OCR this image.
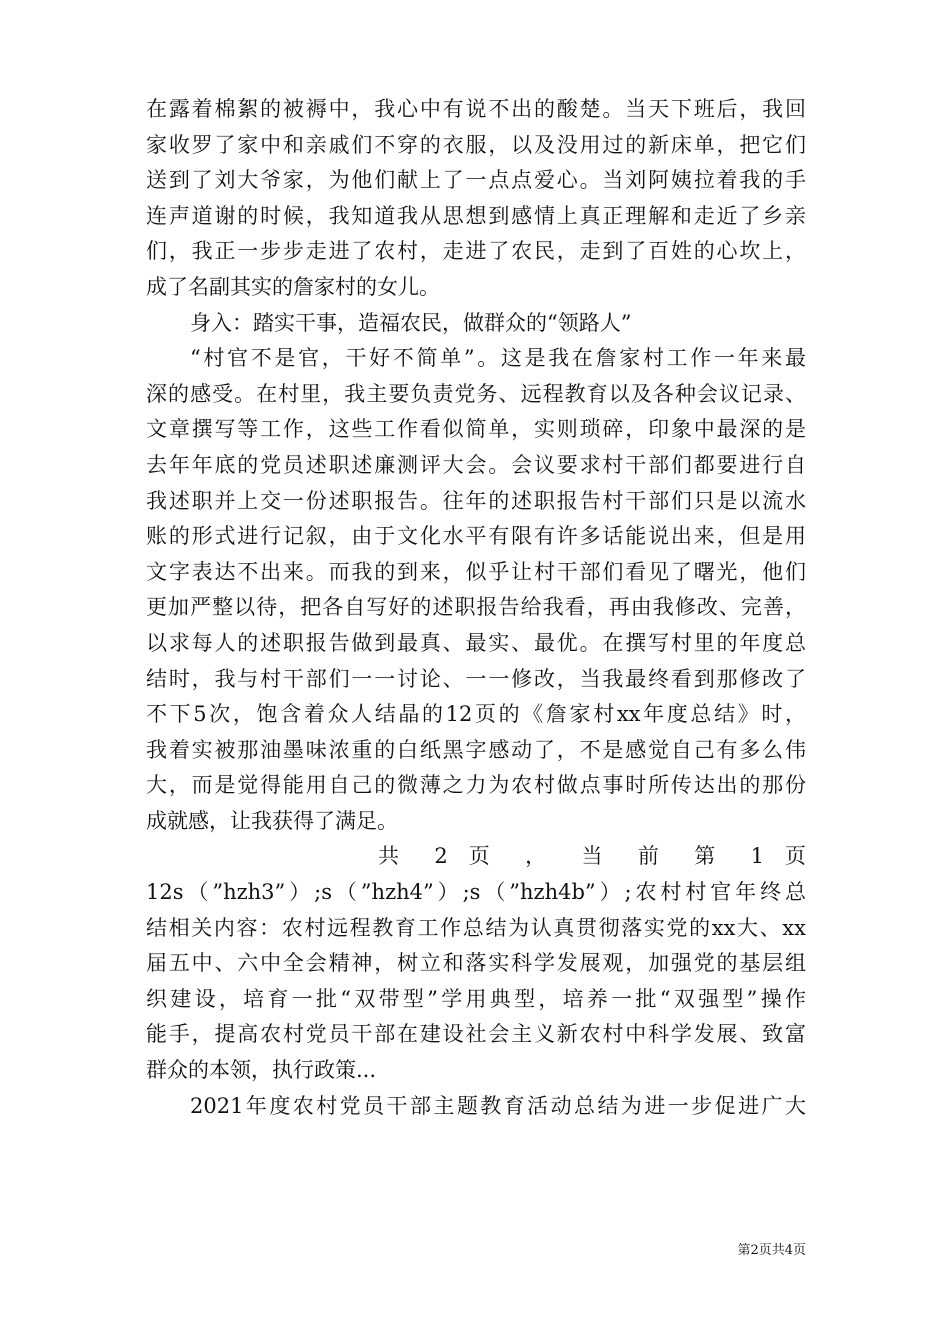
在露着棉絮的被褥中，我心中有说不出的酸楚。当天下班后，我回
家收罗了家中和亲戚们不穿的衣服，以及没用过的新床单，把它们
送到了刘大爷家，为他们献上了一点点爱心。当刘阿姨拉着我的手
连声道谢的时候，我知道我从思想到感情上真正理解和走近了乡亲
们，我正一步步走进了农村，走进了农民，走到了百姓的心坎上，
成了名副其实的詹家村的女儿。
身入：踏实干事，造福农民，做群众的“领路人”
“村官不是官，干好不简单”。这是我在詹家村工作一年来最
深的感受。在村里，我主要负责党务、远程教育以及各种会议记录、
文章撰写等工作，这些工作看似简单，实则琐碎，印象中最深的是
去年年底的党员述职述廉测评大会。会议要求村干部们都要进行自
我述职并上交一份述职报告。往年的述职报告村干部们只是以流水
账的形式进行记叙，由于文化水平有限有许多话能说出来，但是用
文字表达不出来。而我的到来，似乎让村干部们看见了曙光，他们
更加严整以待，把各自写好的述职报告给我看，再由我修改、完善，
以求每人的述职报告做到最真、最实、最优。在撰写村里的年度总
结时，我与村干部们一一讨论、一一修改，当我最终看到那修改了
不下5次，饱含着众人结晶的12页的《詹家村xx年度总结》时，
我着实被那油墨味浓重的白纸黑字感动了，不是感觉自己有多么伟
大，而是觉得能用自己的微薄之力为农村做点事时所传达出的那份
成就感，让我获得了满足。
共 2 页 ， 当 前 第 1 页
12s（”hzh3”）;s（”hzh4”）;s（”hzh4b”）;农村村官年终总
结相关内容：农村远程教育工作总结为认真贯彻落实党的xx大、xx
届五中、六中全会精神，树立和落实科学发展观，加强党的基层组
织建设，培育一批“双带型”学用典型，培养一批“双强型”操作
能手，提高农村党员干部在建设社会主义新农村中科学发展、致富
群众的本领，执行政策...
2021年度农村党员干部主题教育活动总结为进一步促进广大
第2页共4页
